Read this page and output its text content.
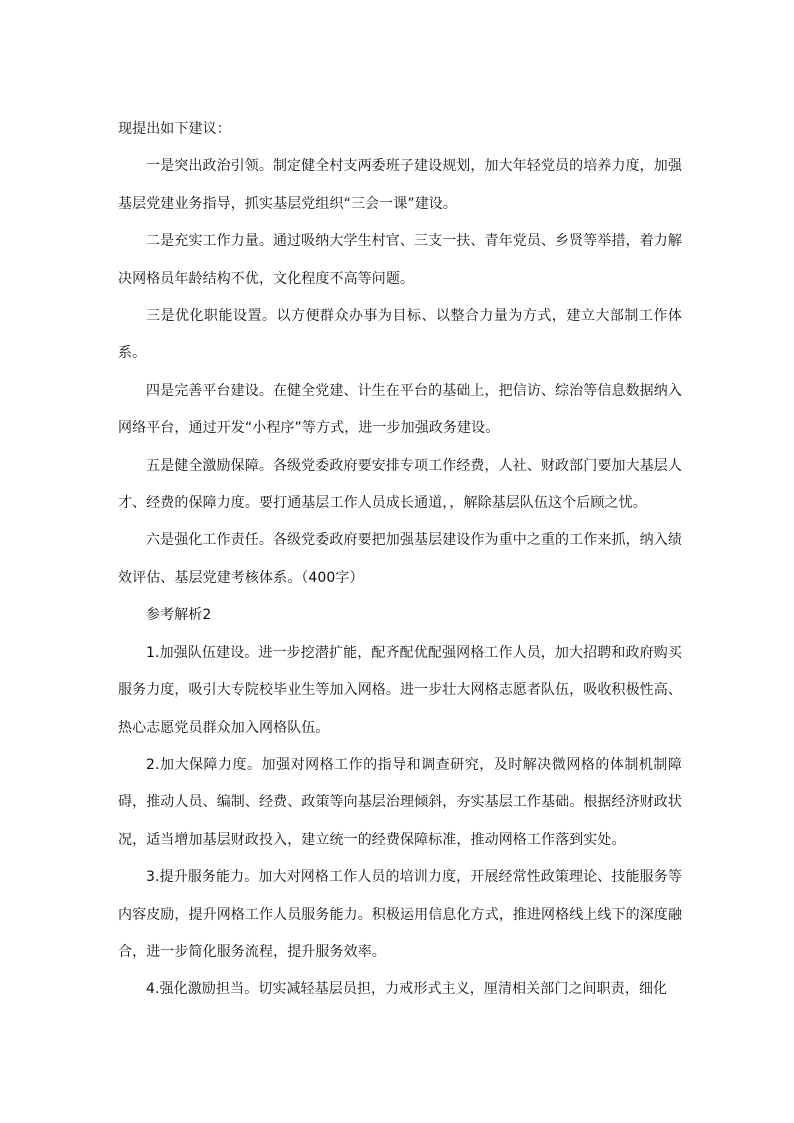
现提出如下建议：

一是突出政治引领。制定健全村支两委班子建设规划，加大年轻党员的培养力度，加强基层党建业务指导，抓实基层党组织“三会一课”建设。

二是充实工作力量。通过吸纳大学生村官、三支一扶、青年党员、乡贤等举措，着力解决网格员年龄结构不优，文化程度不高等问题。

三是优化职能设置。以方便群众办事为目标、以整合力量为方式，建立大部制工作体系。

四是完善平台建设。在健全党建、计生在平台的基础上，把信访、综治等信息数据纳入网络平台，通过开发“小程序”等方式，进一步加强政务建设。

五是健全激励保障。各级党委政府要安排专项工作经费，人社、财政部门要加大基层人才、经费的保障力度。要打通基层工作人员成长通道，，解除基层队伍这个后顾之忧。

六是强化工作责任。各级党委政府要把加强基层建设作为重中之重的工作来抓，纳入绩效评估、基层党建考核体系。（400字）

参考解析2

1.加强队伍建设。进一步挖潜扩能，配齐配优配强网格工作人员，加大招聘和政府购买服务力度，吸引大专院校毕业生等加入网格。进一步壮大网格志愿者队伍，吸收积极性高、热心志愿党员群众加入网格队伍。

2.加大保障力度。加强对网格工作的指导和调查研究，及时解决微网格的体制机制障碍，推动人员、编制、经费、政策等向基层治理倾斜，夯实基层工作基础。根据经济财政状况，适当增加基层财政投入，建立统一的经费保障标准，推动网格工作落到实处。

3.提升服务能力。加大对网格工作人员的培训力度，开展经常性政策理论、技能服务等内容皮励，提升网格工作人员服务能力。积极运用信息化方式，推进网格线上线下的深度融合，进一步简化服务流程，提升服务效率。

4.强化激励担当。切实减轻基层员担，力戒形式主义，厘清相关部门之间职责，细化
